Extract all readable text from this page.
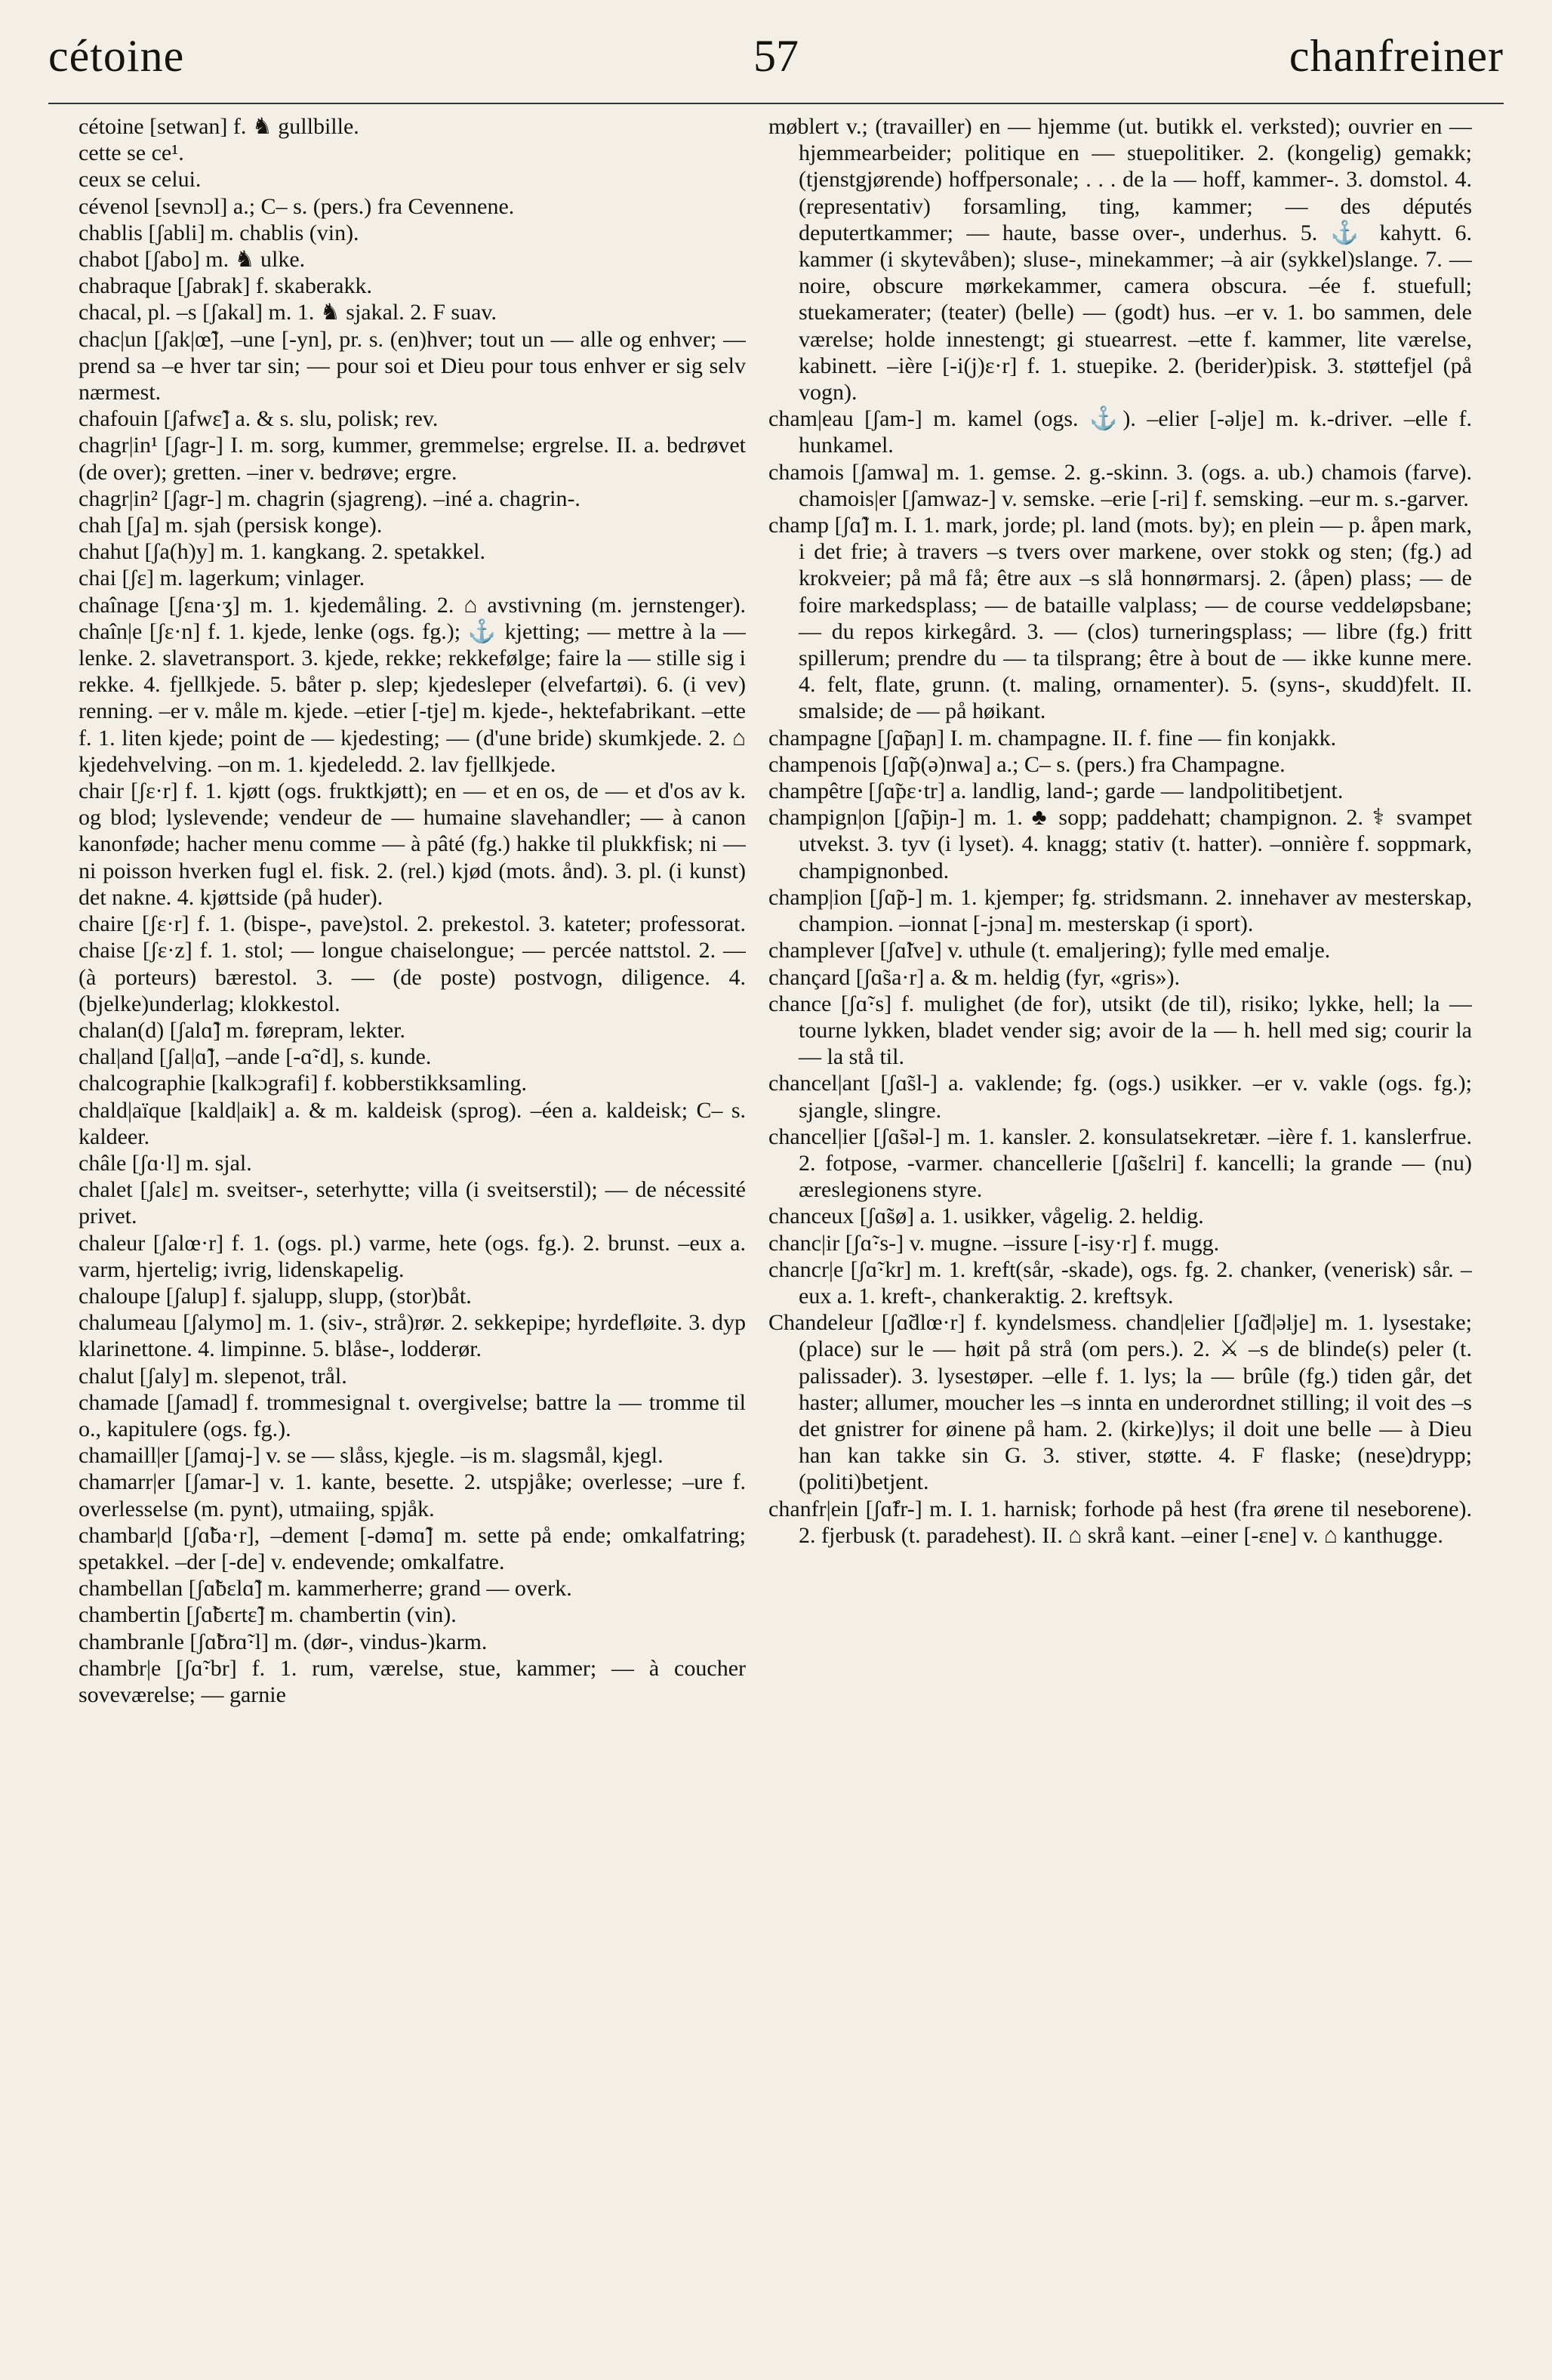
cétoine	57	chanfreiner
cétoine [setwan] f. ♞ gullbille.
cette se ce¹.
ceux se celui.
cévenol [sevnɔl] a.; C– s. (pers.) fra Cevennene.
chablis [ʃabli] m. chablis (vin).
chabot [ʃabo] m. ♞ ulke.
chabraque [ʃabrak] f. skaberakk.
chacal, pl. –s [ʃakal] m. 1. ♞ sjakal. 2. F suav.
chac|un [ʃak|œ̃], –une [-yn], pr. s. (en)hver; tout un — alle og enhver; — prend sa –e hver tar sin; — pour soi et Dieu pour tous enhver er sig selv nærmest.
chafouin [ʃafwɛ̃] a. & s. slu, polisk; rev.
chagr|in¹ [ʃagr-] I. m. sorg, kummer, gremmelse; ergrelse. II. a. bedrøvet (de over); gretten. –iner v. bedrøve; ergre.
chagr|in² [ʃagr-] m. chagrin (sjagreng). –iné a. chagrin-.
chah [ʃa] m. sjah (persisk konge).
chahut [ʃa(h)y] m. 1. kangkang. 2. spetakkel.
chai [ʃɛ] m. lagerkum; vinlager.
chaînage [ʃɛna·ʒ] m. 1. kjedemåling. 2. ⌂ avstivning (m. jernstenger). chaîn|e [ʃɛ·n] f. 1. kjede, lenke (ogs. fg.); ⚓ kjetting; — mettre à la — lenke. 2. slavetransport. 3. kjede, rekke; rekkefølge; faire la — stille sig i rekke. 4. fjellkjede. 5. båter p. slep; kjedesleper (elvefartøi). 6. (i vev) renning. –er v. måle m. kjede. –etier [-tje] m. kjede-, hektefabrikant. –ette f. 1. liten kjede; point de — kjedesting; — (d'une bride) skumkjede. 2. ⌂ kjedehvelving. –on m. 1. kjedeledd. 2. lav fjellkjede.
chair [ʃɛ·r] f. 1. kjøtt (ogs. fruktkjøtt); en — et en os, de — et d'os av k. og blod; lyslevende; vendeur de — humaine slavehandler; — à canon kanonføde; hacher menu comme — à pâté (fg.) hakke til plukkfisk; ni — ni poisson hverken fugl el. fisk. 2. (rel.) kjød (mots. ånd). 3. pl. (i kunst) det nakne. 4. kjøttside (på huder).
chaire [ʃɛ·r] f. 1. (bispe-, pave)stol. 2. prekestol. 3. kateter; professorat. chaise [ʃɛ·z] f. 1. stol; — longue chaiselongue; — percée nattstol. 2. — (à porteurs) bærestol. 3. — (de poste) postvogn, diligence. 4. (bjelke)underlag; klokkestol.
chalan(d) [ʃalɑ̃] m. førepram, lekter.
chal|and [ʃal|ɑ̃], –ande [-ɑ̃·d], s. kunde.
chalcographie [kalkɔgrafi] f. kobberstikksamling.
chald|aïque [kald|aik] a. & m. kaldeisk (sprog). –éen a. kaldeisk; C– s. kaldeer.
châle [ʃɑ·l] m. sjal.
chalet [ʃalɛ] m. sveitser-, seterhytte; villa (i sveitserstil); — de nécessité privet.
chaleur [ʃalœ·r] f. 1. (ogs. pl.) varme, hete (ogs. fg.). 2. brunst. –eux a. varm, hjertelig; ivrig, lidenskapelig.
chaloupe [ʃalup] f. sjalupp, slupp, (stor)båt.
chalumeau [ʃalymo] m. 1. (siv-, strå)rør. 2. sekkepipe; hyrdefløite. 3. dyp klarinettone. 4. limpinne. 5. blåse-, lodderør.
chalut [ʃaly] m. slepenot, trål.
chamade [ʃamad] f. trommesignal t. overgivelse; battre la — tromme til o., kapitulere (ogs. fg.).
chamaill|er [ʃamɑj-] v. se — slåss, kjegle. –is m. slagsmål, kjegl.
chamarr|er [ʃamar-] v. 1. kante, besette. 2. utspjåke; overlesse; –ure f. overlesselse (m. pynt), utmaiing, spjåk.
chambar|d [ʃɑ̃ba·r], –dement [-dəmɑ̃] m. sette på ende; omkalfatring; spetakkel. –der [-de] v. endevende; omkalfatre.
chambellan [ʃɑ̃bɛlɑ̃] m. kammerherre; grand — overk.
chambertin [ʃɑ̃bɛrtɛ̃] m. chambertin (vin).
chambranle [ʃɑ̃brɑ̃·l] m. (dør-, vindus-)karm.
chambr|e [ʃɑ̃·br] f. 1. rum, værelse, stue, kammer; — à coucher soveværelse; — garnie
møblert v.; (travailler) en — hjemme (ut. butikk el. verksted); ouvrier en — hjemmearbeider; politique en — stuepolitiker. 2. (kongelig) gemakk; (tjenstgjørende) hoffpersonale; . . . de la — hoff, kammer-. 3. domstol. 4. (representativ) forsamling, ting, kammer; — des députés deputertkammer; — haute, basse over-, underhus. 5. ⚓ kahytt. 6. kammer (i skytevåben); sluse-, minekammer; –à air (sykkel)slange. 7. — noire, obscure mørkekammer, camera obscura. –ée f. stuefull; stuekamerater; (teater) (belle) — (godt) hus. –er v. 1. bo sammen, dele værelse; holde innestengt; gi stuearrest. –ette f. kammer, lite værelse, kabinett. –ière [-i(j)ɛ·r] f. 1. stuepike. 2. (berider)pisk. 3. støttefjel (på vogn).
cham|eau [ʃam-] m. kamel (ogs. ⚓). –elier [-əlje] m. k.-driver. –elle f. hunkamel.
chamois [ʃamwa] m. 1. gemse. 2. g.-skinn. 3. (ogs. a. ub.) chamois (farve). chamois|er [ʃamwaz-] v. semske. –erie [-ri] f. semsking. –eur m. s.-garver.
champ [ʃɑ̃] m. I. 1. mark, jorde; pl. land (mots. by); en plein — p. åpen mark, i det frie; à travers –s tvers over markene, over stokk og sten; (fg.) ad krokveier; på må få; être aux –s slå honnørmarsj. 2. (åpen) plass; — de foire markedsplass; — de bataille valplass; — de course veddeløpsbane; — du repos kirkegård. 3. — (clos) turneringsplass; — libre (fg.) fritt spillerum; prendre du — ta tilsprang; être à bout de — ikke kunne mere. 4. felt, flate, grunn. (t. maling, ornamenter). 5. (syns-, skudd)felt. II. smalside; de — på høikant.
champagne [ʃɑ̃paɲ] I. m. champagne. II. f. fine — fin konjakk.
champenois [ʃɑ̃p(ə)nwa] a.; C– s. (pers.) fra Champagne.
champêtre [ʃɑ̃pɛ·tr] a. landlig, land-; garde — landpolitibetjent.
champign|on [ʃɑ̃piɲ-] m. 1. ♣ sopp; paddehatt; champignon. 2. ⚕ svampet utvekst. 3. tyv (i lyset). 4. knagg; stativ (t. hatter). –onnière f. soppmark, champignonbed.
champ|ion [ʃɑ̃p-] m. 1. kjemper; fg. stridsmann. 2. innehaver av mesterskap, champion. –ionnat [-jɔna] m. mesterskap (i sport).
champlever [ʃɑ̃lve] v. uthule (t. emaljering); fylle med emalje.
chançard [ʃɑ̃sa·r] a. & m. heldig (fyr, «gris»).
chance [ʃɑ̃·s] f. mulighet (de for), utsikt (de til), risiko; lykke, hell; la — tourne lykken, bladet vender sig; avoir de la — h. hell med sig; courir la — la stå til.
chancel|ant [ʃɑ̃sl-] a. vaklende; fg. (ogs.) usikker. –er v. vakle (ogs. fg.); sjangle, slingre.
chancel|ier [ʃɑ̃səl-] m. 1. kansler. 2. konsulatsekretær. –ière f. 1. kanslerfrue. 2. fotpose, -varmer. chancellerie [ʃɑ̃sɛlri] f. kancelli; la grande — (nu) æreslegionens styre.
chanceux [ʃɑ̃sø] a. 1. usikker, vågelig. 2. heldig.
chanc|ir [ʃɑ̃·s-] v. mugne. –issure [-isy·r] f. mugg.
chancr|e [ʃɑ̃·kr] m. 1. kreft(sår, -skade), ogs. fg. 2. chanker, (venerisk) sår. –eux a. 1. kreft-, chankeraktig. 2. kreftsyk.
Chandeleur [ʃɑ̃dlœ·r] f. kyndelsmess. chand|elier [ʃɑ̃d|əlje] m. 1. lysestake; (place) sur le — høit på strå (om pers.). 2. ⚔ –s de blinde(s) peler (t. palissader). 3. lysestøper. –elle f. 1. lys; la — brûle (fg.) tiden går, det haster; allumer, moucher les –s innta en underordnet stilling; il voit des –s det gnistrer for øinene på ham. 2. (kirke)lys; il doit une belle — à Dieu han kan takke sin G. 3. stiver, støtte. 4. F flaske; (nese)drypp; (politi)betjent.
chanfr|ein [ʃɑ̃fr-] m. I. 1. harnisk; forhode på hest (fra ørene til neseborene). 2. fjerbusk (t. paradehest). II. ⌂ skrå kant. –einer [-ɛne] v. ⌂ kanthugge.
